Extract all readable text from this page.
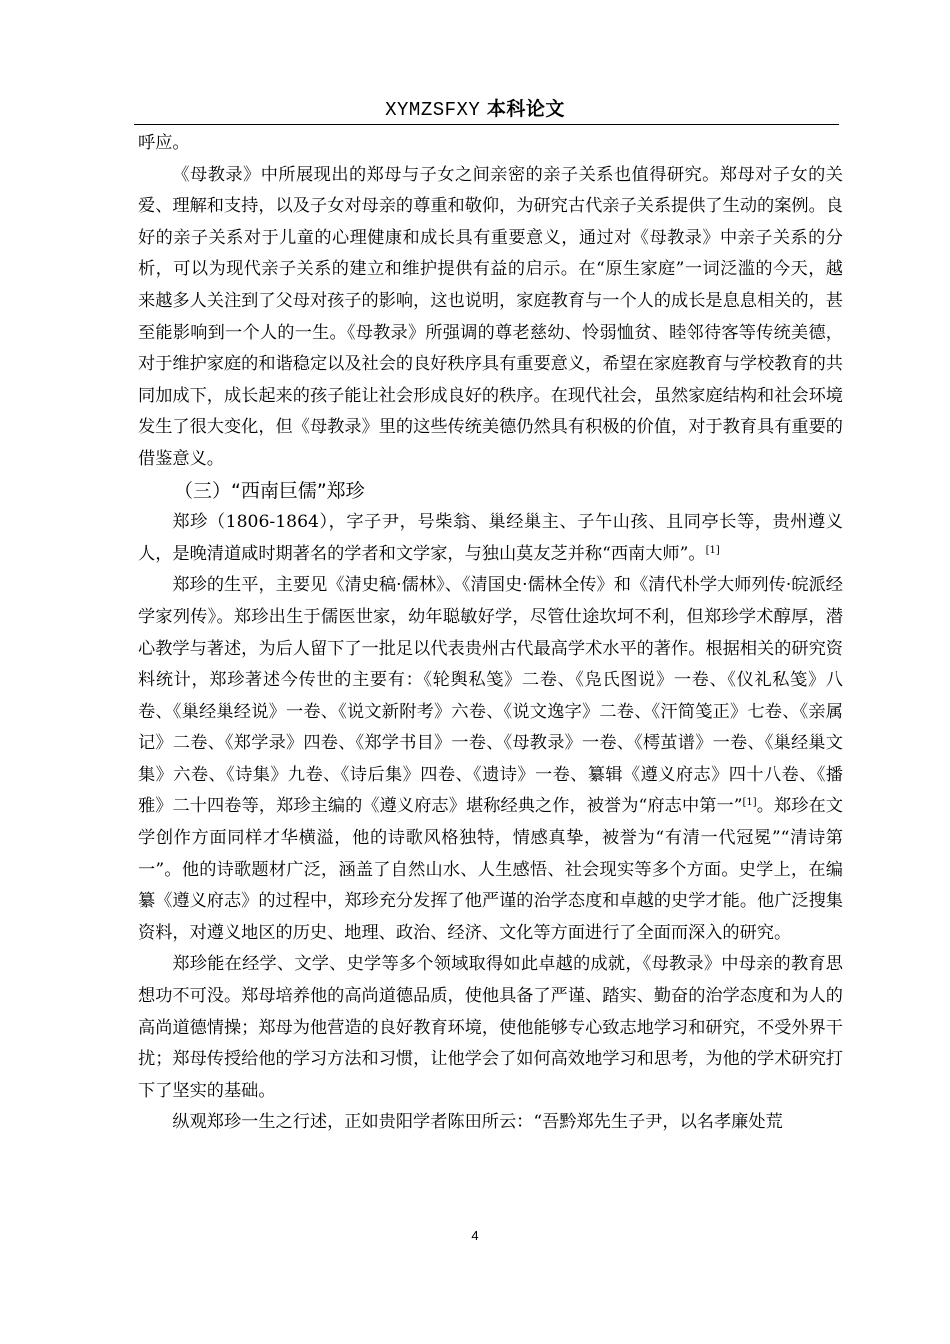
XYMZSFXY 本科论文

呼应。

《母教录》中所展现出的郑母与子女之间亲密的亲子关系也值得研究。郑母对子女的关爱、理解和支持，以及子女对母亲的尊重和敬仰，为研究古代亲子关系提供了生动的案例。良好的亲子关系对于儿童的心理健康和成长具有重要意义，通过对《母教录》中亲子关系的分析，可以为现代亲子关系的建立和维护提供有益的启示。在“原生家庭”一词泛滥的今天，越来越多人关注到了父母对孩子的影响，这也说明，家庭教育与一个人的成长是息息相关的，甚至能影响到一个人的一生。《母教录》所强调的尊老慈幼、怜弱恤贫、睦邻待客等传统美德，对于维护家庭的和谐稳定以及社会的良好秩序具有重要意义，希望在家庭教育与学校教育的共同加成下，成长起来的孩子能让社会形成良好的秩序。在现代社会，虽然家庭结构和社会环境发生了很大变化，但《母教录》里的这些传统美德仍然具有积极的价值，对于教育具有重要的借鉴意义。

（三）“西南巨儒”郑珍

郑珍（1806-1864），字子尹，号柴翁、巢经巢主、子午山孩、且同亭长等，贵州遵义人，是晚清道咸时期著名的学者和文学家，与独山莫友芝并称“西南大师”。[1]

郑珍的生平，主要见《清史稿·儒林》、《清国史·儒林全传》和《清代朴学大师列传·皖派经学家列传》。郑珍出生于儒医世家，幼年聪敏好学，尽管仕途坎坷不利，但郑珍学术醇厚，潜心教学与著述，为后人留下了一批足以代表贵州古代最高学术水平的著作。根据相关的研究资料统计，郑珍著述今传世的主要有：《轮舆私笺》二卷、《凫氏图说》一卷、《仪礼私笺》八卷、《巢经巢经说》一卷、《说文新附考》六卷、《说文逸字》二卷、《汗简笺正》七卷、《亲属记》二卷、《郑学录》四卷、《郑学书目》一卷、《母教录》一卷、《樗茧谱》一卷、《巢经巢文集》六卷、《诗集》九卷、《诗后集》四卷、《遗诗》一卷、纂辑《遵义府志》四十八卷、《播雅》二十四卷等，郑珍主编的《遵义府志》堪称经典之作，被誉为“府志中第一”[1]。郑珍在文学创作方面同样才华横溢，他的诗歌风格独特，情感真挚，被誉为“有清一代冠冕”“清诗第一”。他的诗歌题材广泛，涵盖了自然山水、人生感悟、社会现实等多个方面。史学上，在编纂《遵义府志》的过程中，郑珍充分发挥了他严谨的治学态度和卓越的史学才能。他广泛搜集资料，对遵义地区的历史、地理、政治、经济、文化等方面进行了全面而深入的研究。

郑珍能在经学、文学、史学等多个领域取得如此卓越的成就，《母教录》中母亲的教育思想功不可没。郑母培养他的高尚道德品质，使他具备了严谨、踏实、勤奋的治学态度和为人的高尚道德情操；郑母为他营造的良好教育环境，使他能够专心致志地学习和研究，不受外界干扰；郑母传授给他的学习方法和习惯，让他学会了如何高效地学习和思考，为他的学术研究打下了坚实的基础。

纵观郑珍一生之行述，正如贵阳学者陈田所云：“吾黔郑先生子尹，以名孝廉处荒

4
